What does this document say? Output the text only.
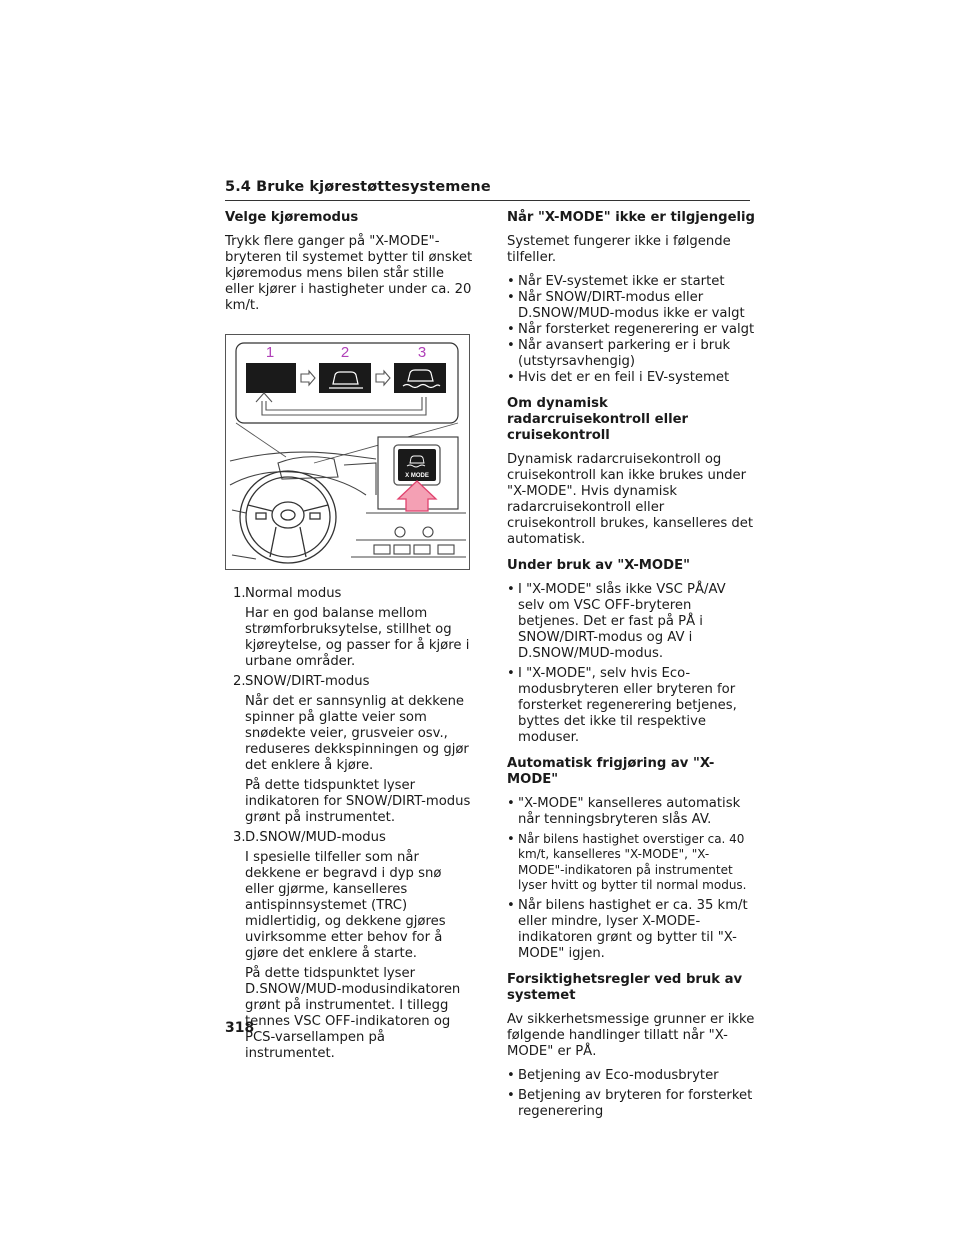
5.4 Bruke kjørestøttesystemene
Velge kjøremodus
Trykk flere ganger på "X-MODE"-bryteren til systemet bytter til ønsket kjøremodus mens bilen står stille eller kjører i hastigheter under ca. 20 km/t.
1	2	3
X MODE
1. Normal modus

Har en god balanse mellom strømforbruksytelse, stillhet og kjøreytelse, og passer for å kjøre i urbane områder.

2. SNOW/DIRT-modus

Når det er sannsynlig at dekkene spinner på glatte veier som snødekte veier, grusveier osv., reduseres dekkspinningen og gjør det enklere å kjøre.

På dette tidspunktet lyser indikatoren for SNOW/DIRT-modus grønt på instrumentet.

3. D.SNOW/MUD-modus

I spesielle tilfeller som når dekkene er begravd i dyp snø eller gjørme, kanselleres antispinnsystemet (TRC) midlertidig, og dekkene gjøres uvirksomme etter behov for å gjøre det enklere å starte.

På dette tidspunktet lyser D.SNOW/MUD-modusindikatoren grønt på instrumentet. I tillegg tennes VSC OFF-indikatoren og PCS-varsellampen på instrumentet.

Når "X-MODE" ikke er tilgjengelig
Systemet fungerer ikke i følgende tilfeller.
• Når EV-systemet ikke er startet
• Når SNOW/DIRT-modus eller D.SNOW/MUD-modus ikke er valgt
• Når forsterket regenerering er valgt
• Når avansert parkering er i bruk (utstyrsavhengig)
• Hvis det er en feil i EV-systemet
Om dynamisk radarcruisekontroll eller cruisekontroll
Dynamisk radarcruisekontroll og cruisekontroll kan ikke brukes under "X-MODE". Hvis dynamisk radarcruisekontroll eller cruisekontroll brukes, kanselleres det automatisk.
Under bruk av "X-MODE"
• I "X-MODE" slås ikke VSC PÅ/AV selv om VSC OFF-bryteren betjenes. Det er fast på PÅ i SNOW/DIRT-modus og AV i D.SNOW/MUD-modus.
• I "X-MODE", selv hvis Eco-modusbryteren eller bryteren for forsterket regenerering betjenes, byttes det ikke til respektive moduser.
Automatisk frigjøring av "X-MODE"
• "X-MODE" kanselleres automatisk når tenningsbryteren slås AV.
• Når bilens hastighet overstiger ca. 40 km/t, kanselleres "X-MODE", "X-MODE"-indikatoren på instrumentet lyser hvitt og bytter til normal modus.
• Når bilens hastighet er ca. 35 km/t eller mindre, lyser X-MODE-indikatoren grønt og bytter til "X-MODE" igjen.
Forsiktighetsregler ved bruk av systemet
Av sikkerhetsmessige grunner er ikke følgende handlinger tillatt når "X-MODE" er PÅ.
• Betjening av Eco-modusbryter
• Betjening av bryteren for forsterket regenerering
318
